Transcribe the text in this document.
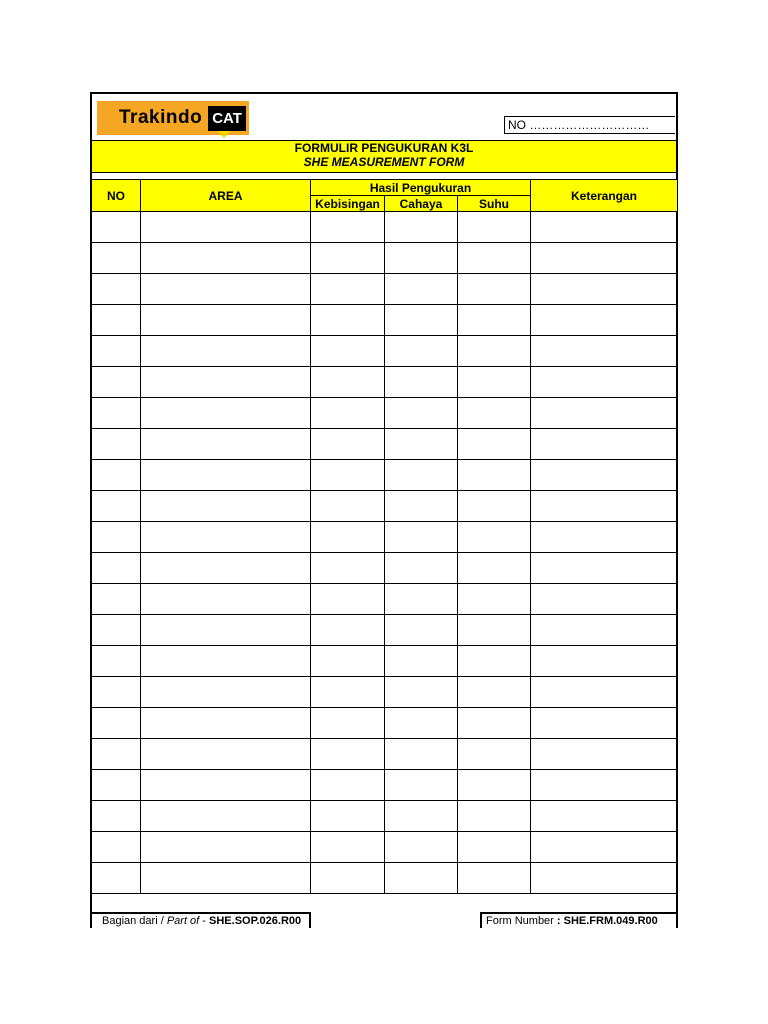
Trakindo CAT	NO …………………………
FORMULIR PENGUKURAN K3L
SHE MEASUREMENT FORM
NO	AREA	Hasil Pengukuran			Keterangan
		Kebisingan	Cahaya	Suhu	

Bagian dari / Part of - SHE.SOP.026.R00	Form Number : SHE.FRM.049.R00
